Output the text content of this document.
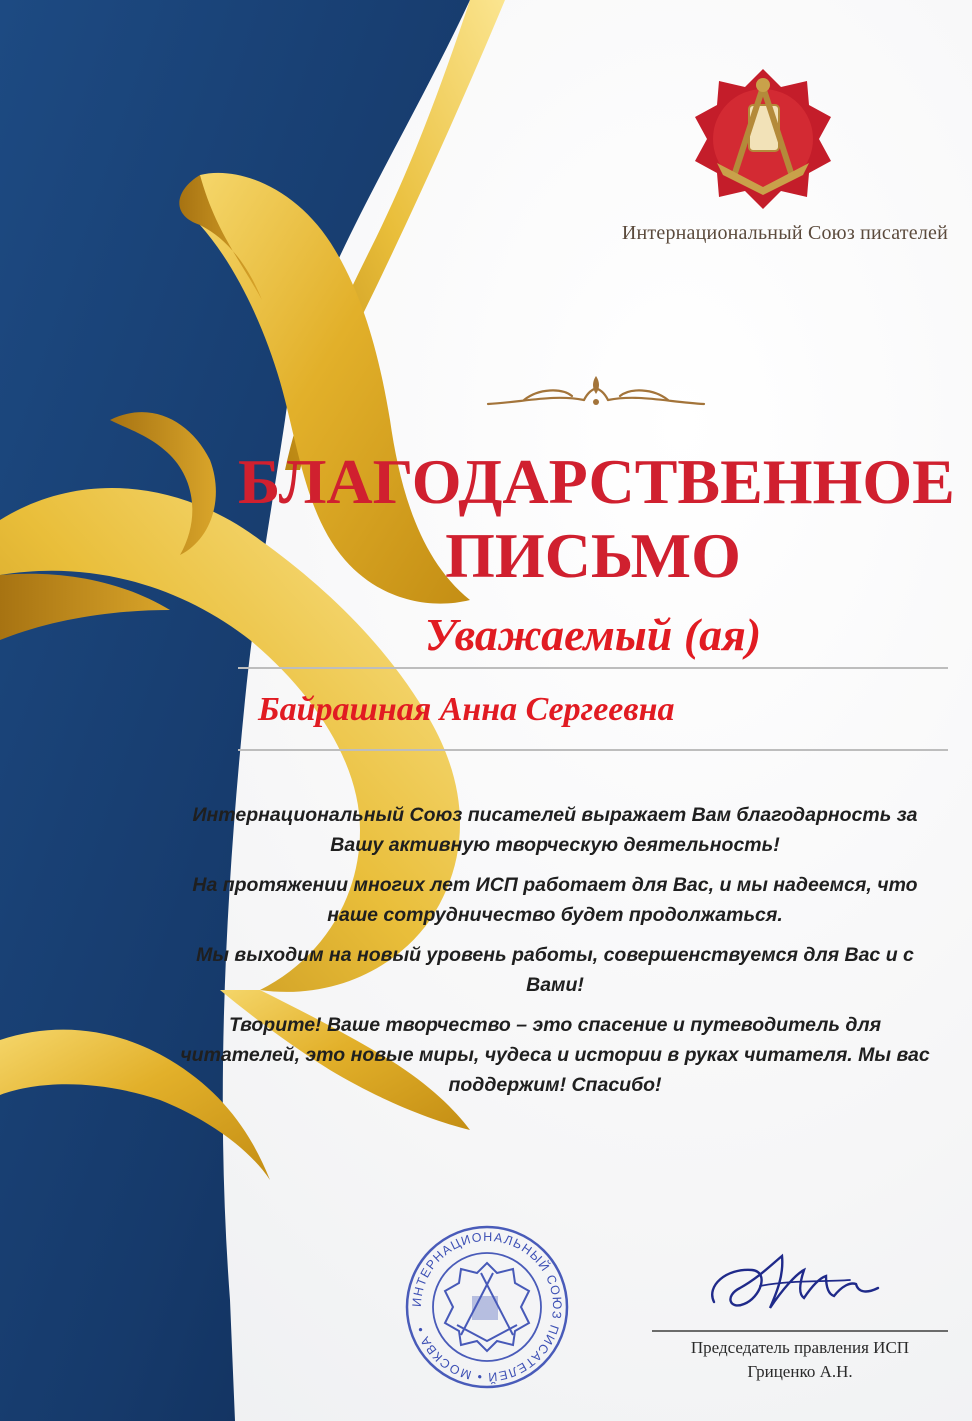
Интернациональный Союз писателей
БЛАГОДАРСТВЕННОЕ
ПИСЬМО
Уважаемый (ая)
Байрашная Анна Сергеевна

Интернациональный Союз писателей выражает Вам благодарность за Вашу активную творческую деятельность!

На протяжении многих лет ИСП работает для Вас, и мы надеемся, что наше сотрудничество будет продолжаться.

Мы выходим на новый уровень работы, совершенствуемся для Вас и с Вами!

Творите! Ваше творчество – это спасение и путеводитель для читателей, это новые миры, чудеса и истории в руках читателя. Мы вас поддержим! Спасибо!

ИНТЕРНАЦИОНАЛЬНЫЙ СОЮЗ ПИСАТЕЛЕЙ • МОСКВА •
Председатель правления ИСП
Гриценко А.Н.
